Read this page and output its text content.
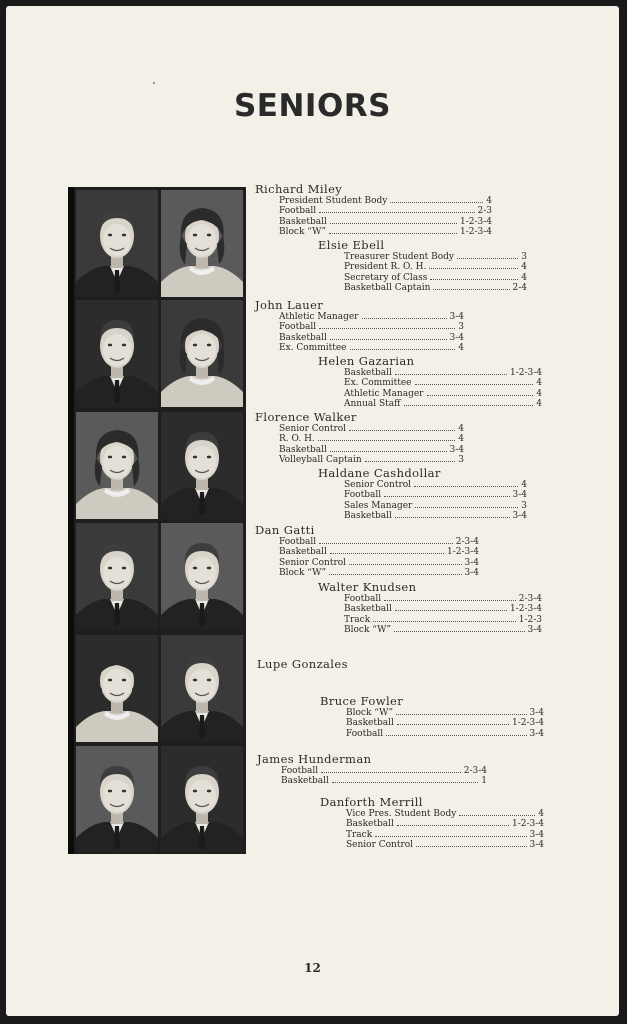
SENIORS
Richard Miley
President Student Body	4
Football	2-3
Basketball	1-2-3-4
Block “W”	1-2-3-4
Elsie Ebell
Treasurer Student Body	3
President R. O. H.	4
Secretary of Class	4
Basketball Captain	2-4
John Lauer
Athletic Manager	3-4
Football	3
Basketball	3-4
Ex. Committee	4
Helen Gazarian
Basketball	1-2-3-4
Ex. Committee	4
Athletic Manager	4
Annual Staff	4
Florence Walker
Senior Control	4
R. O. H.	4
Basketball	3-4
Volleyball Captain	3
Haldane Cashdollar
Senior Control	4
Football	3-4
Sales Manager	3
Basketball	3-4
Dan Gatti
Football	2-3-4
Basketball	1-2-3-4
Senior Control	3-4
Block “W”	3-4
Walter Knudsen
Football	2-3-4
Basketball	1-2-3-4
Track	1-2-3
Block “W”	3-4
Lupe Gonzales
Bruce Fowler
Block “W”	3-4
Basketball	1-2-3-4
Football	3-4
James Hunderman
Football	2-3-4
Basketball	1
Danforth Merrill
Vice Pres. Student Body	4
Basketball	1-2-3-4
Track	3-4
Senior Control	3-4
12
